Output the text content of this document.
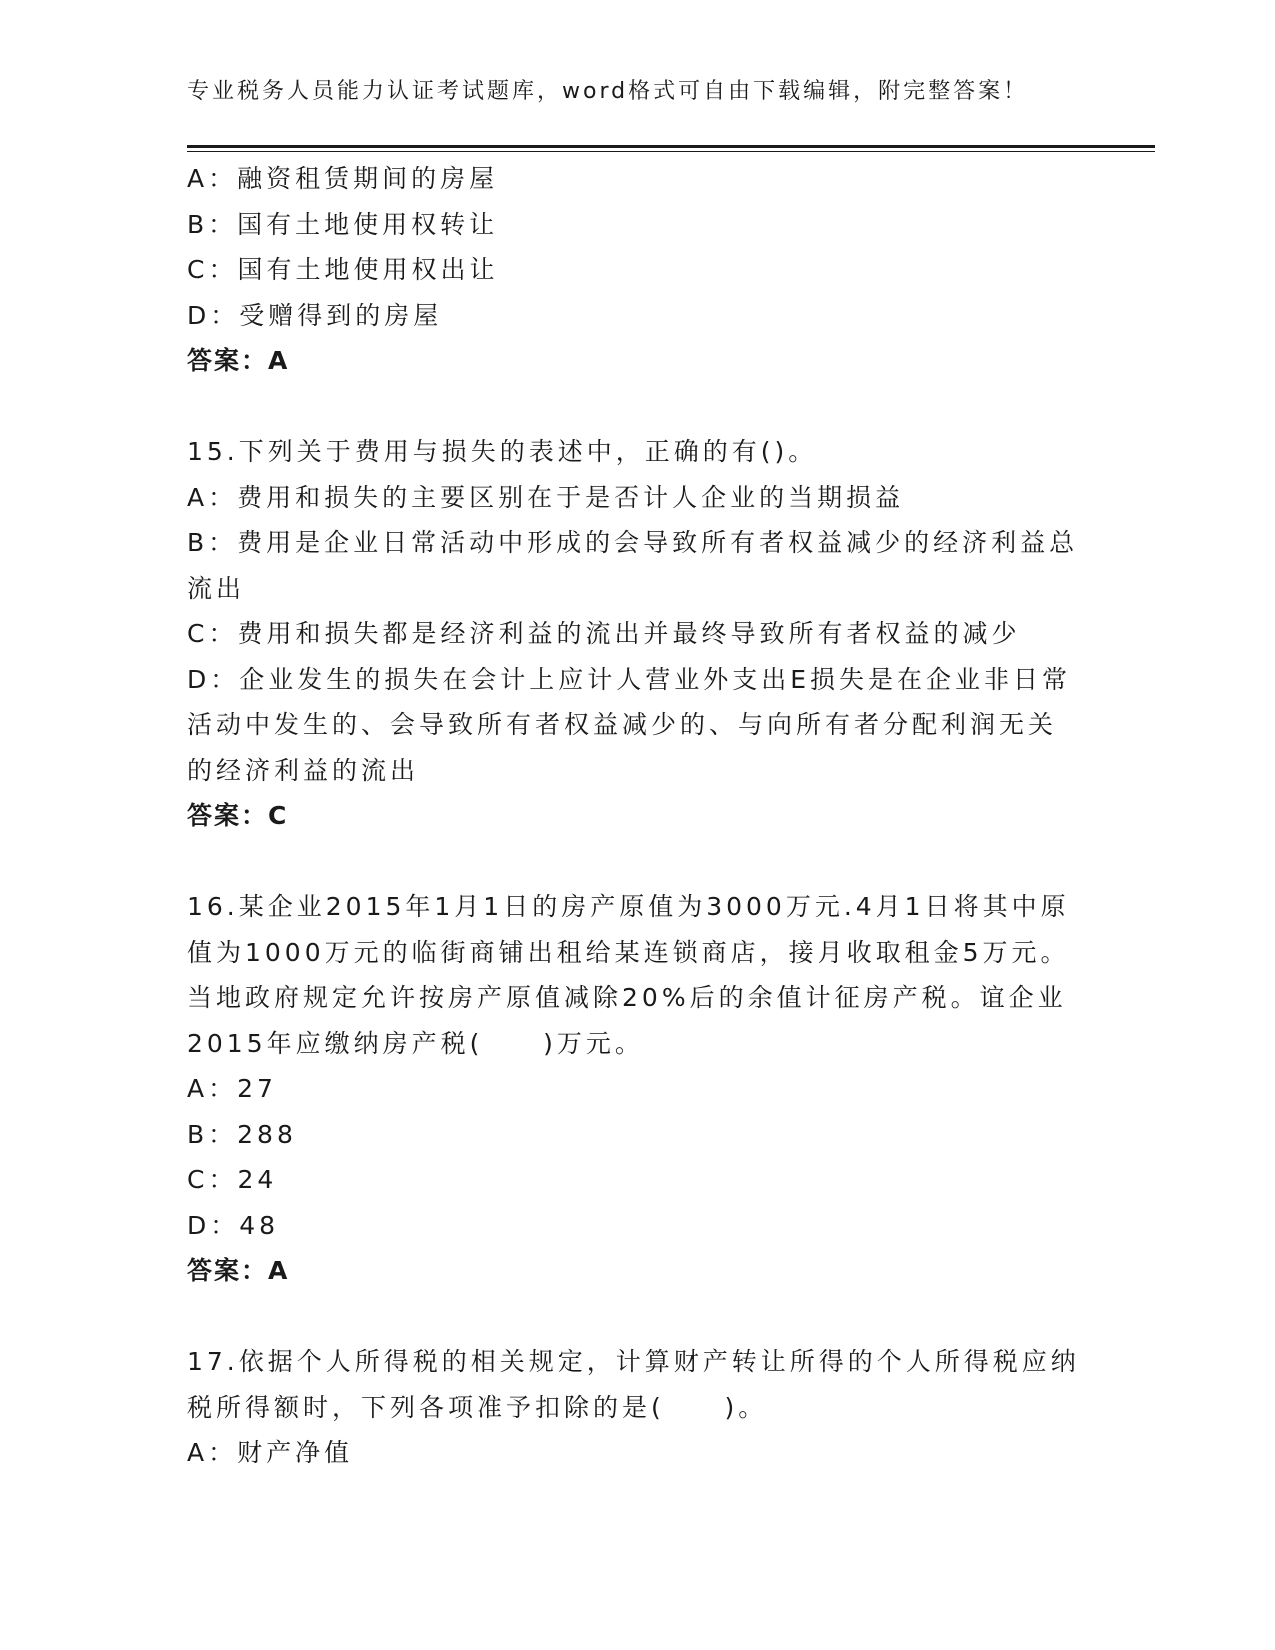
专业税务人员能力认证考试题库，word格式可自由下载编辑，附完整答案！
A：融资租赁期间的房屋
B：国有土地使用权转让
C：国有土地使用权出让
D：受赠得到的房屋
答案：A
15.下列关于费用与损失的表述中，正确的有()。
A：费用和损失的主要区别在于是否计人企业的当期损益
B：费用是企业日常活动中形成的会导致所有者权益减少的经济利益总
流出
C：费用和损失都是经济利益的流出并最终导致所有者权益的减少
D：企业发生的损失在会计上应计人营业外支出E损失是在企业非日常
活动中发生的、会导致所有者权益减少的、与向所有者分配利润无关
的经济利益的流出
答案：C
16.某企业2015年1月1日的房产原值为3000万元.4月1日将其中原
值为1000万元的临街商铺出租给某连锁商店，接月收取租金5万元。
当地政府规定允许按房产原值减除20%后的余值计征房产税。谊企业
2015年应缴纳房产税(     )万元。
A：27
B：288
C：24
D：48
答案：A
17.依据个人所得税的相关规定，计算财产转让所得的个人所得税应纳
税所得额时，下列各项准予扣除的是(     )。
A：财产净值
